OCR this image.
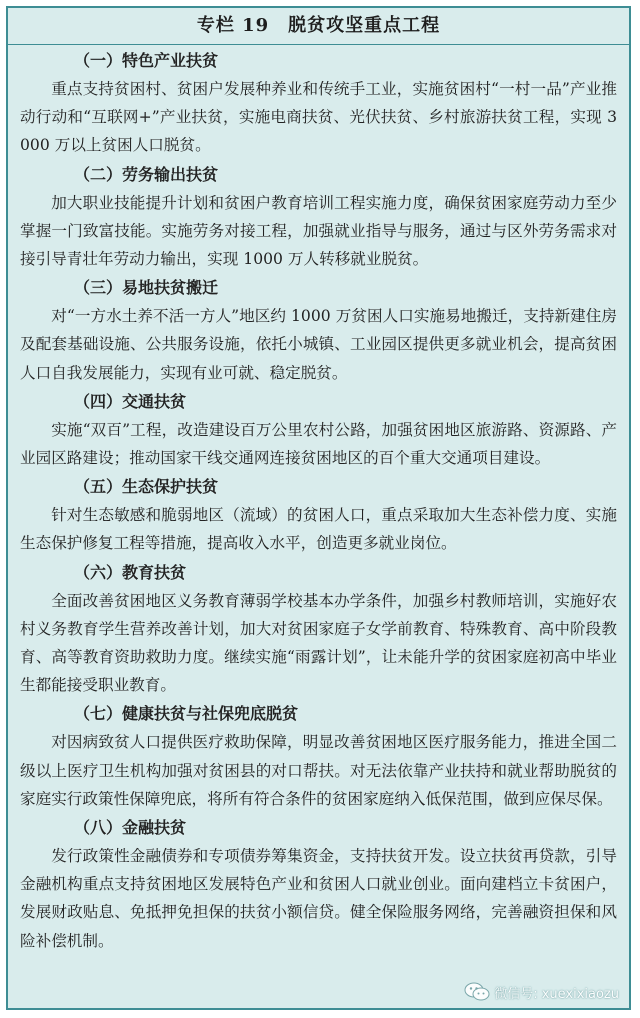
专栏 19　脱贫攻坚重点工程
（一）特色产业扶贫

重点支持贫困村、贫困户发展种养业和传统手工业，实施贫困村“一村一品”产业推动行动和“互联网+”产业扶贫，实施电商扶贫、光伏扶贫、乡村旅游扶贫工程，实现 3000 万以上贫困人口脱贫。

（二）劳务输出扶贫

加大职业技能提升计划和贫困户教育培训工程实施力度，确保贫困家庭劳动力至少掌握一门致富技能。实施劳务对接工程，加强就业指导与服务，通过与区外劳务需求对接引导青壮年劳动力输出，实现 1000 万人转移就业脱贫。

（三）易地扶贫搬迁

对“一方水土养不活一方人”地区约 1000 万贫困人口实施易地搬迁，支持新建住房及配套基础设施、公共服务设施，依托小城镇、工业园区提供更多就业机会，提高贫困人口自我发展能力，实现有业可就、稳定脱贫。

（四）交通扶贫

实施“双百”工程，改造建设百万公里农村公路，加强贫困地区旅游路、资源路、产业园区路建设；推动国家干线交通网连接贫困地区的百个重大交通项目建设。

（五）生态保护扶贫

针对生态敏感和脆弱地区（流域）的贫困人口，重点采取加大生态补偿力度、实施生态保护修复工程等措施，提高收入水平，创造更多就业岗位。

（六）教育扶贫

全面改善贫困地区义务教育薄弱学校基本办学条件，加强乡村教师培训，实施好农村义务教育学生营养改善计划，加大对贫困家庭子女学前教育、特殊教育、高中阶段教育、高等教育资助救助力度。继续实施“雨露计划”，让未能升学的贫困家庭初高中毕业生都能接受职业教育。

（七）健康扶贫与社保兜底脱贫

对因病致贫人口提供医疗救助保障，明显改善贫困地区医疗服务能力，推进全国二级以上医疗卫生机构加强对贫困县的对口帮扶。对无法依靠产业扶持和就业帮助脱贫的家庭实行政策性保障兜底，将所有符合条件的贫困家庭纳入低保范围，做到应保尽保。

（八）金融扶贫

发行政策性金融债券和专项债券筹集资金，支持扶贫开发。设立扶贫再贷款，引导金融机构重点支持贫困地区发展特色产业和贫困人口就业创业。面向建档立卡贫困户，发展财政贴息、免抵押免担保的扶贫小额信贷。健全保险服务网络，完善融资担保和风险补偿机制。

微信号: xuexixiaozu
